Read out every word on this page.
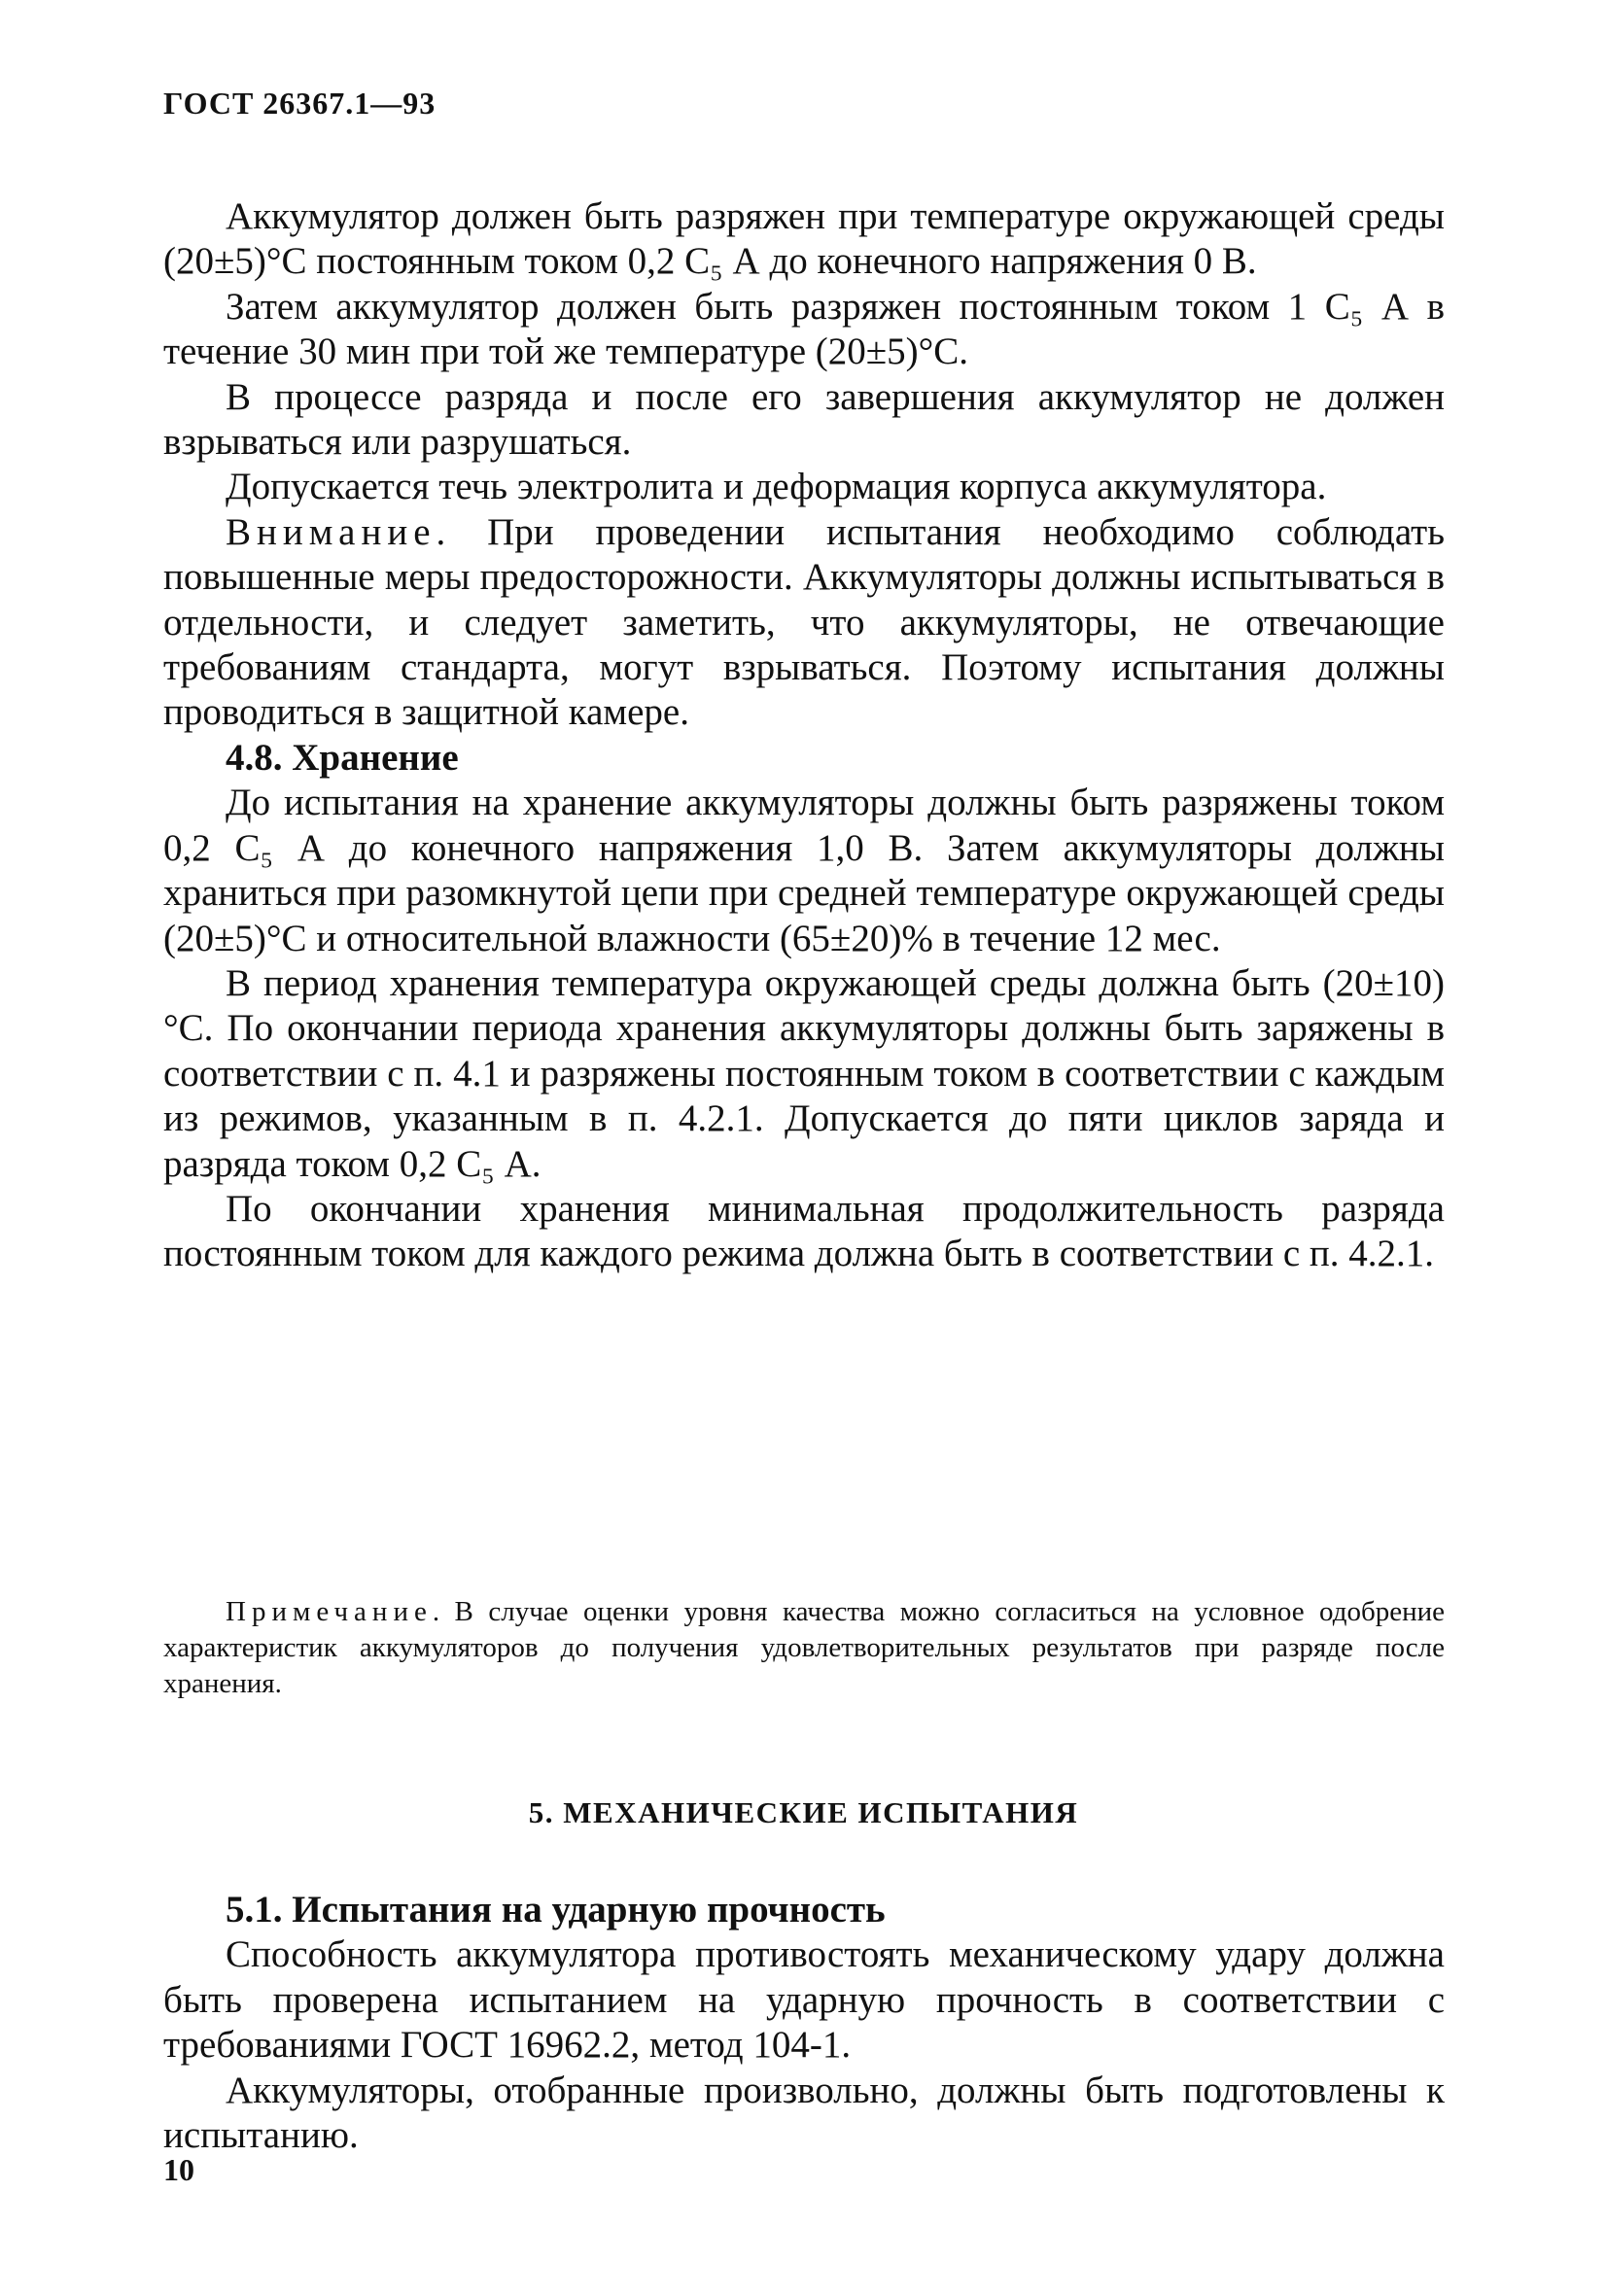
ГОСТ 26367.1—93

Аккумулятор должен быть разряжен при температуре окружающей среды (20±5)°С постоянным током 0,2 C₅ А до конечного напряжения 0 В.

Затем аккумулятор должен быть разряжен постоянным током 1 C₅ А в течение 30 мин при той же температуре (20±5)°С.

В процессе разряда и после его завершения аккумулятор не должен взрываться или разрушаться.

Допускается течь электролита и деформация корпуса аккумулятора.

Внимание. При проведении испытания необходимо соблюдать повышенные меры предосторожности. Аккумуляторы должны испытываться в отдельности, и следует заметить, что аккумуляторы, не отвечающие требованиям стандарта, могут взрываться. Поэтому испытания должны проводиться в защитной камере.

4.8. Хранение

До испытания на хранение аккумуляторы должны быть разряжены током 0,2 C₅ А до конечного напряжения 1,0 В. Затем аккумуляторы должны храниться при разомкнутой цепи при средней температуре окружающей среды (20±5)°С и относительной влажности (65±20)% в течение 12 мес.

В период хранения температура окружающей среды должна быть (20±10)°С. По окончании периода хранения аккумуляторы должны быть заряжены в соответствии с п. 4.1 и разряжены постоянным током в соответствии с каждым из режимов, указанным в п. 4.2.1. Допускается до пяти циклов заряда и разряда током 0,2 C₅ А.

По окончании хранения минимальная продолжительность разряда постоянным током для каждого режима должна быть в соответствии с п. 4.2.1.

Примечание. В случае оценки уровня качества можно согласиться на условное одобрение характеристик аккумуляторов до получения удовлетворительных результатов при разряде после хранения.

5. МЕХАНИЧЕСКИЕ ИСПЫТАНИЯ

5.1. Испытания на ударную прочность

Способность аккумулятора противостоять механическому удару должна быть проверена испытанием на ударную прочность в соответствии с требованиями ГОСТ 16962.2, метод 104-1.

Аккумуляторы, отобранные произвольно, должны быть подготовлены к испытанию.

10
